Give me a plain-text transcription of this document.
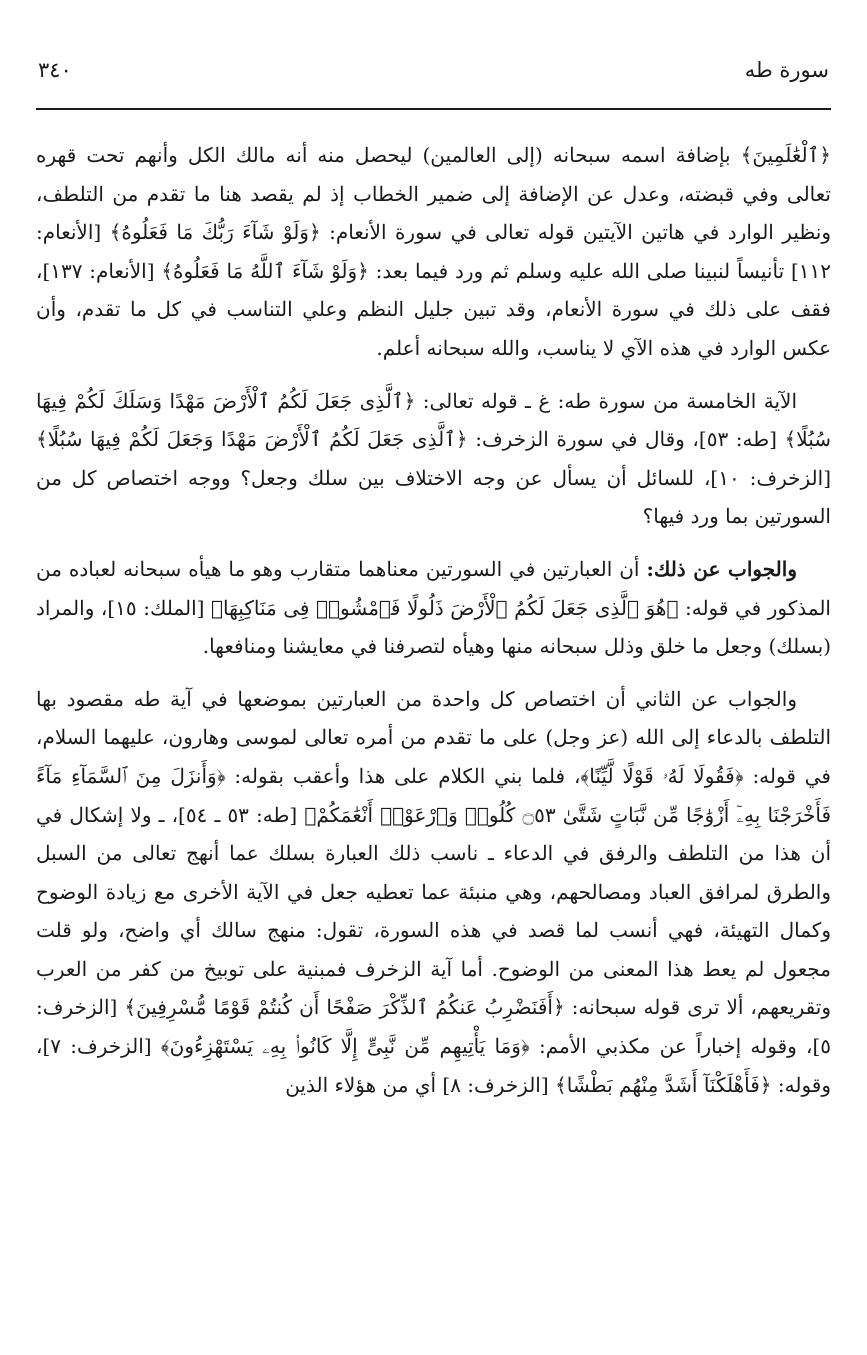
٣٤٠	سورة طه

﴿ٱلْعَٰلَمِينَ﴾ بإضافة اسمه سبحانه (إلى العالمين) ليحصل منه أنه مالك الكل وأنهم تحت قهره تعالى وفي قبضته، وعدل عن الإضافة إلى ضمير الخطاب إذ لم يقصد هنا ما تقدم من التلطف، ونظير الوارد في هاتين الآيتين قوله تعالى في سورة الأنعام: ﴿وَلَوْ شَآءَ رَبُّكَ مَا فَعَلُوهُ﴾ [الأنعام: ١١٢] تأنيساً لنبينا صلى الله عليه وسلم ثم ورد فيما بعد: ﴿وَلَوْ شَآءَ ٱللَّهُ مَا فَعَلُوهُ﴾ [الأنعام: ١٣٧]، فقف على ذلك في سورة الأنعام، وقد تبين جليل النظم وعلي التناسب في كل ما تقدم، وأن عكس الوارد في هذه الآي لا يناسب، والله سبحانه أعلم.

الآية الخامسة من سورة طه: غ ـ قوله تعالى: ﴿ٱلَّذِى جَعَلَ لَكُمُ ٱلْأَرْضَ مَهْدًا وَسَلَكَ لَكُمْ فِيهَا سُبُلًا﴾ [طه: ٥٣]، وقال في سورة الزخرف: ﴿ٱلَّذِى جَعَلَ لَكُمُ ٱلْأَرْضَ مَهْدًا وَجَعَلَ لَكُمْ فِيهَا سُبُلًا﴾ [الزخرف: ١٠]، للسائل أن يسأل عن وجه الاختلاف بين سلك وجعل؟ ووجه اختصاص كل من السورتين بما ورد فيها؟

والجواب عن ذلك: أن العبارتين في السورتين معناهما متقارب وهو ما هيأه سبحانه لعباده من المذكور في قوله: ﴿هُوَ ٱلَّذِى جَعَلَ لَكُمُ ٱلْأَرْضَ ذَلُولًا فَٱمْشُوا۟ فِى مَنَاكِبِهَا﴾ [الملك: ١٥]، والمراد (بسلك) وجعل ما خلق وذلل سبحانه منها وهيأه لتصرفنا في معايشنا ومنافعها.

والجواب عن الثاني أن اختصاص كل واحدة من العبارتين بموضعها في آية طه مقصود بها التلطف بالدعاء إلى الله (عز وجل) على ما تقدم من أمره تعالى لموسى وهارون، عليهما السلام، في قوله: ﴿فَقُولَا لَهُۥ قَوْلًا لَّيِّنًا﴾، فلما بني الكلام على هذا وأعقب بقوله: ﴿وَأَنزَلَ مِنَ ٱلسَّمَآءِ مَآءً فَأَخْرَجْنَا بِهِۦٓ أَزْوَٰجًا مِّن نَّبَاتٍ شَتَّىٰ ۝٥٣ كُلُوا۟ وَٱرْعَوْا۟ أَنْعَٰمَكُمْ﴾ [طه: ٥٣ ـ ٥٤]، ـ ولا إشكال في أن هذا من التلطف والرفق في الدعاء ـ ناسب ذلك العبارة بسلك عما أنهج تعالى من السبل والطرق لمرافق العباد ومصالحهم، وهي منبئة عما تعطيه جعل في الآية الأخرى مع زيادة الوضوح وكمال التهيئة، فهي أنسب لما قصد في هذه السورة، تقول: منهج سالك أي واضح، ولو قلت مجعول لم يعط هذا المعنى من الوضوح. أما آية الزخرف فمبنية على توبيخ من كفر من العرب وتقريعهم، ألا ترى قوله سبحانه: ﴿أَفَنَضْرِبُ عَنكُمُ ٱلذِّكْرَ صَفْحًا أَن كُنتُمْ قَوْمًا مُّسْرِفِينَ﴾ [الزخرف: ٥]، وقوله إخباراً عن مكذبي الأمم: ﴿وَمَا يَأْتِيهِم مِّن نَّبِىٍّ إِلَّا كَانُوا۟ بِهِۦ يَسْتَهْزِءُونَ﴾ [الزخرف: ٧]، وقوله: ﴿فَأَهْلَكْنَآ أَشَدَّ مِنْهُم بَطْشًا﴾ [الزخرف: ٨] أي من هؤلاء الذين
